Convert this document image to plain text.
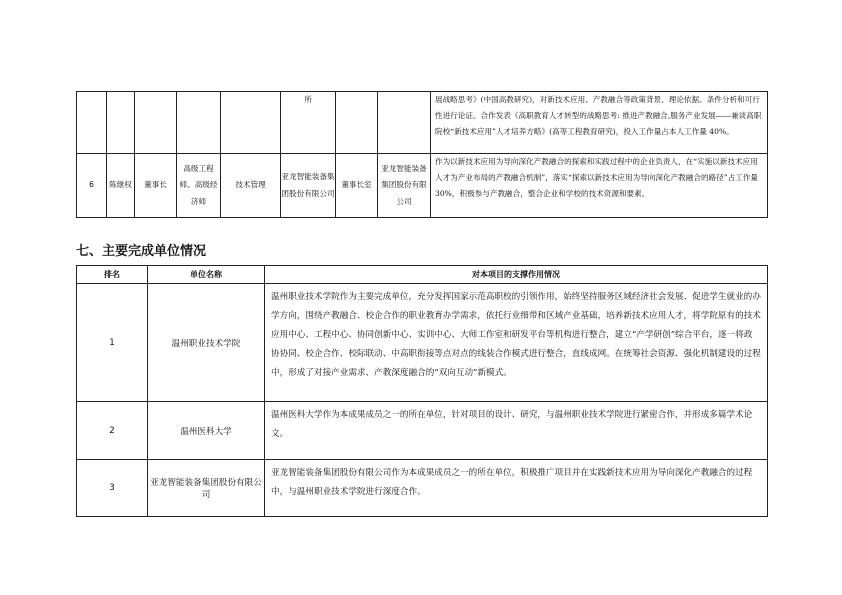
					所			展战略思考》(中国高教研究)，对新技术应用、产教融合等政策背景、理论依据、条件分析和可行性进行论证。合作发表《高职教育人才转型的战略思考: 推进产教融合,服务产业发展——兼谈高职院校“新技术应用”人才培养方略》(高等工程教育研究)，投入工作量占本人工作量 40%。
6	陈继权	董事长	高级工程师、高级经济师	技术管理	亚龙智能装备集团股份有限公司	董事长室	亚龙智能装备集团股份有限公司	作为以新技术应用为导向深化产教融合的探索和实践过程中的企业负责人，在“实施以新技术应用人才为产业布局的产教融合机制”，落实“探索以新技术应用为导向深化产教融合的路径”占工作量 30%，积极参与产教融合，整合企业和学校的技术资源和要素。
七、主要完成单位情况
排名	单位名称	对本项目的支撑作用情况
1	温州职业技术学院	温州职业技术学院作为主要完成单位，充分发挥国家示范高职校的引领作用，始终坚持服务区域经济社会发展、促进学生就业的办学方向，围绕产教融合、校企合作的职业教育办学需求，依托行业细带和区域产业基础，培养新技术应用人才，将学院原有的技术应用中心、工程中心、协同创新中心、实训中心、大师工作室和研发平台等机构进行整合，建立“产学研创”综合平台，逐一将政协协同、校企合作、校际联动、中高职衔接等点对点的线装合作模式进行整合，直线成网。在统筹社会资源、强化机制建设的过程中，形成了对接产业需求、产教深度融合的“双向互动”新模式。
2	温州医科大学	温州医科大学作为本成果成员之一的所在单位，针对项目的设计、研究，与温州职业技术学院进行紧密合作，并形成多篇学术论文。
3	亚龙智能装备集团股份有限公司	亚龙智能装备集团股份有限公司作为本成果成员之一的所在单位，积极推广项目并在实践新技术应用为导向深化产教融合的过程中，与温州职业技术学院进行深度合作。
